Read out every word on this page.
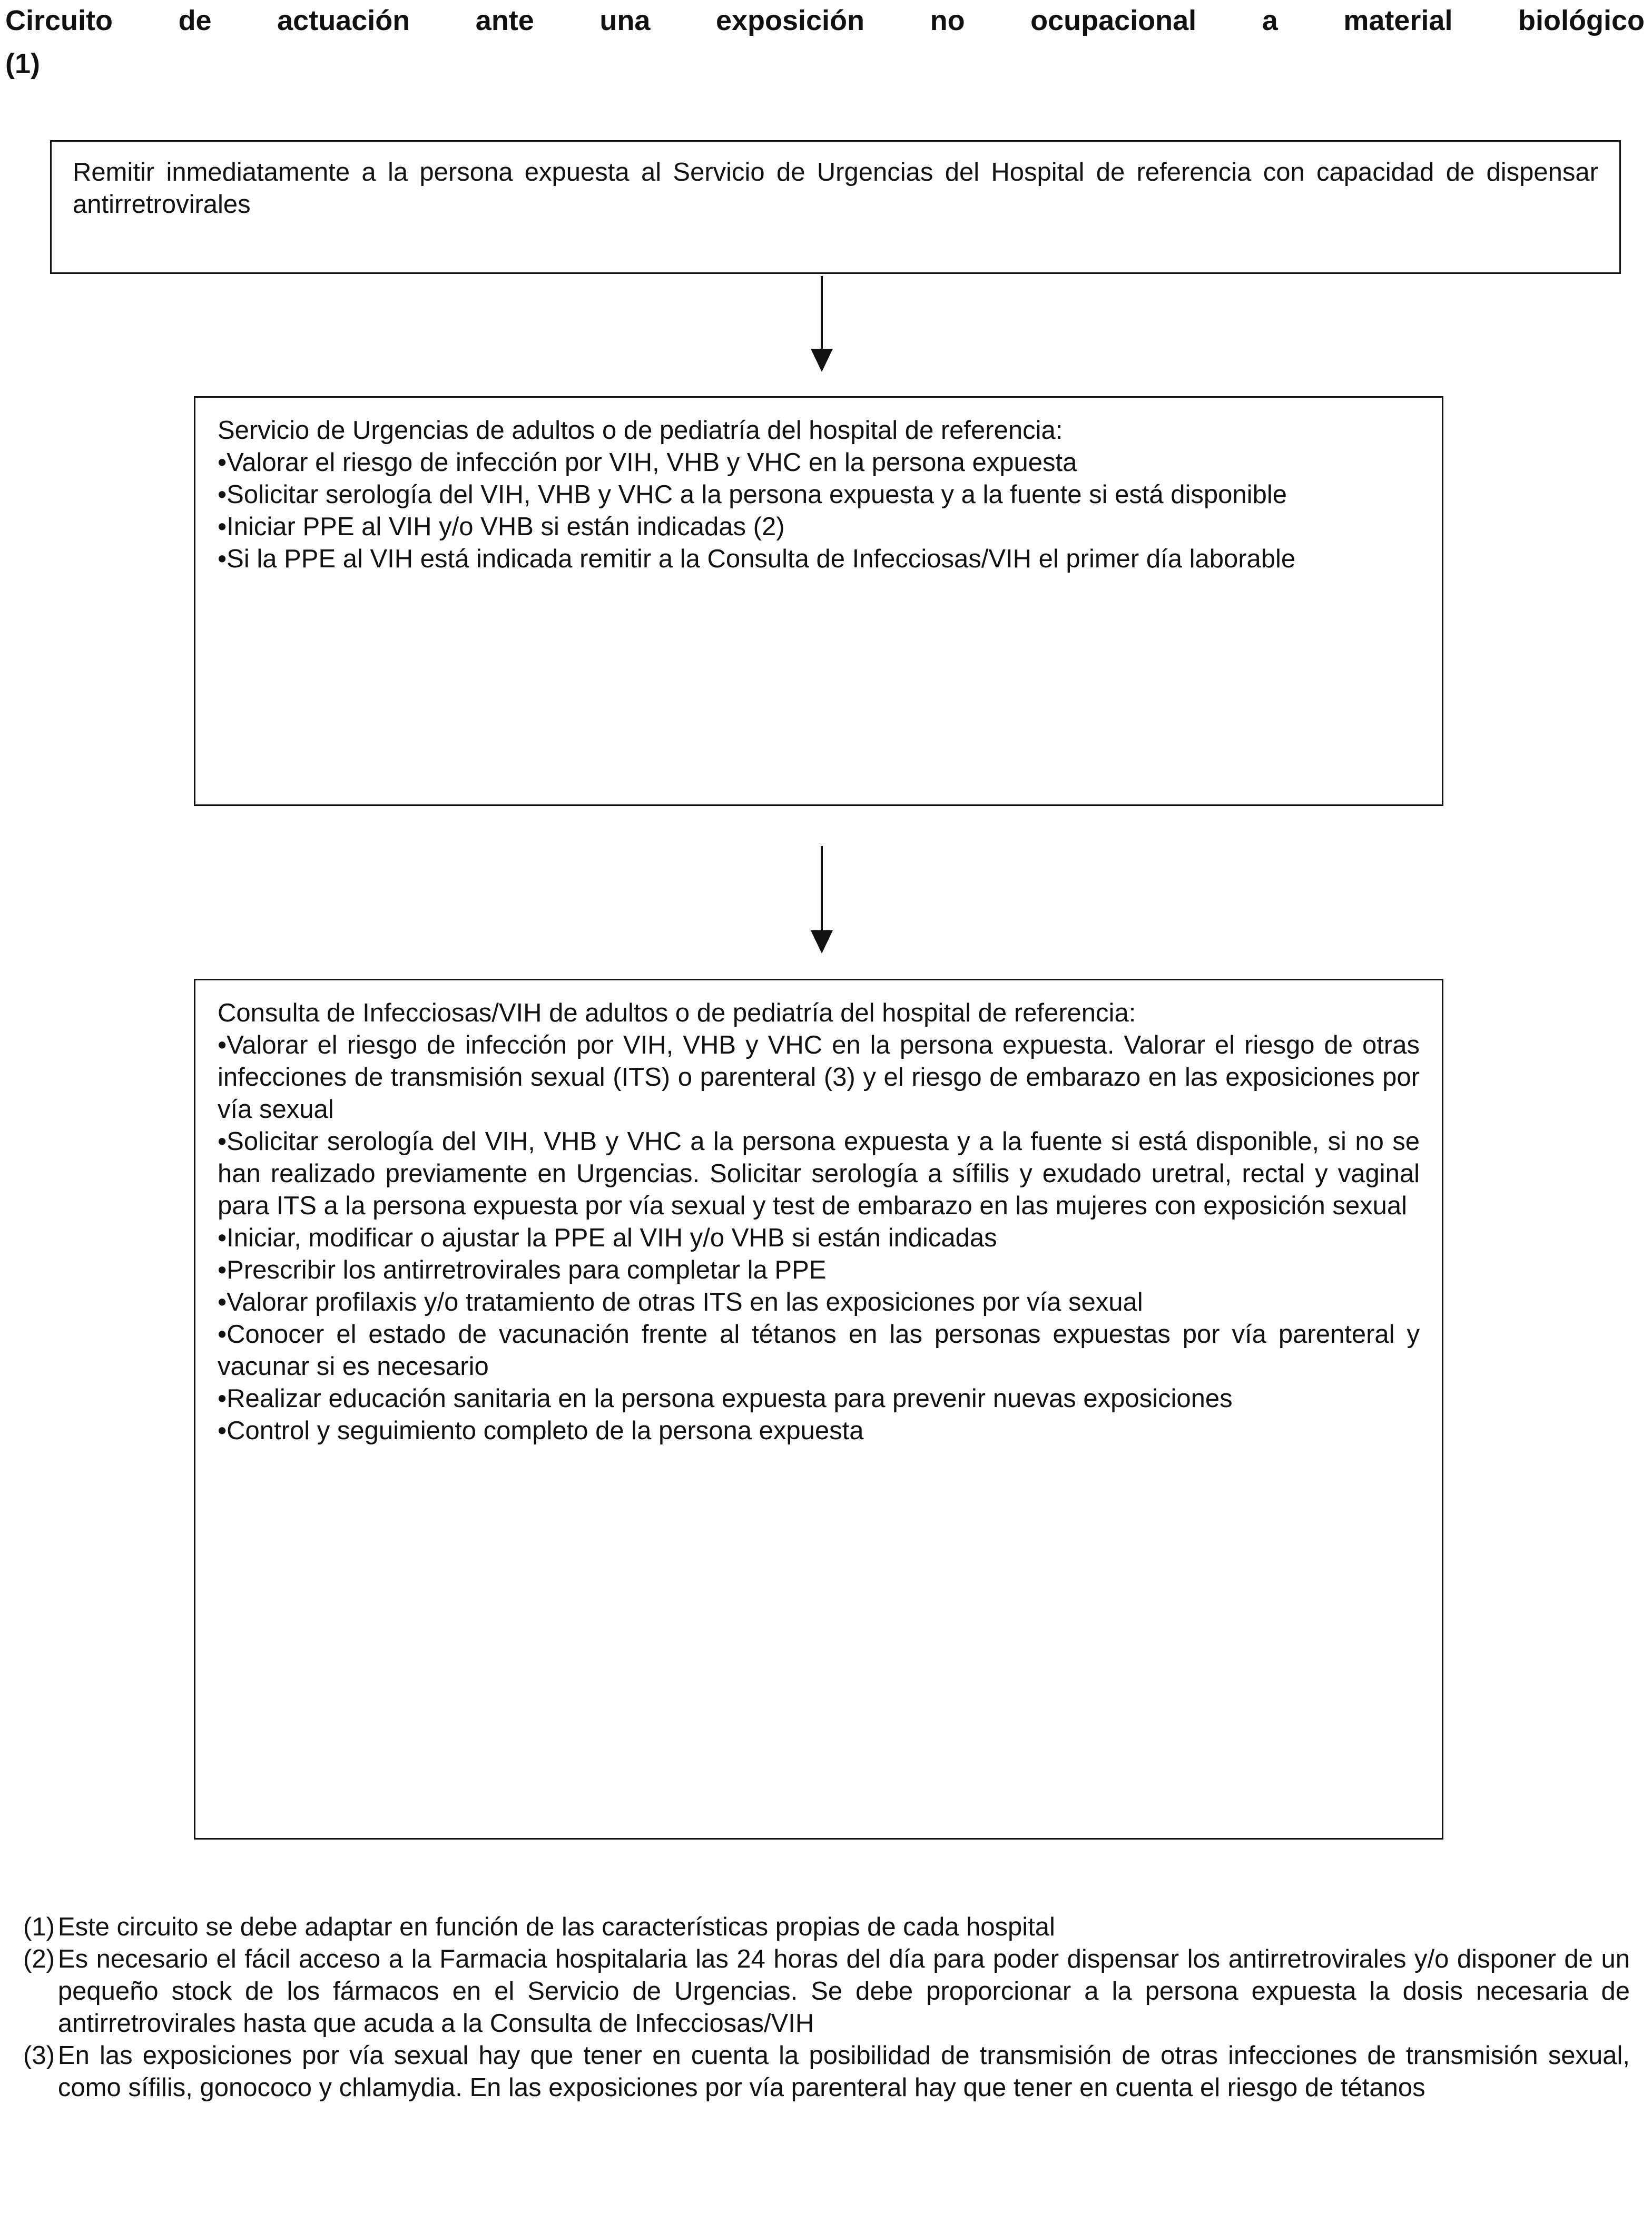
Circuito de actuación ante una exposición no ocupacional a material biológico
(1)

Remitir inmediatamente a la persona expuesta al Servicio de Urgencias del Hospital de referencia con capacidad de dispensar antirretrovirales

Servicio de Urgencias de adultos o de pediatría del hospital de referencia:

• Valorar el riesgo de infección por VIH, VHB y VHC en la persona expuesta

• Solicitar serología del VIH, VHB y VHC a la persona expuesta y a la fuente si está disponible

• Iniciar PPE al VIH y/o VHB si están indicadas (2)

• Si la PPE al VIH está indicada remitir a la Consulta de Infecciosas/VIH el primer día laborable

Consulta de Infecciosas/VIH de adultos o de pediatría del hospital de referencia:

• Valorar el riesgo de infección por VIH, VHB y VHC en la persona expuesta. Valorar el riesgo de otras infecciones de transmisión sexual (ITS) o parenteral (3) y el riesgo de embarazo en las exposiciones por vía sexual

• Solicitar serología del VIH, VHB y VHC a la persona expuesta y a la fuente si está disponible, si no se han realizado previamente en Urgencias. Solicitar serología a sífilis y exudado uretral, rectal y vaginal para ITS a la persona expuesta por vía sexual y test de embarazo en las mujeres con exposición sexual

• Iniciar, modificar o ajustar la PPE al VIH y/o VHB si están indicadas

• Prescribir los antirretrovirales para completar la PPE

• Valorar profilaxis y/o tratamiento de otras ITS en las exposiciones por vía sexual

• Conocer el estado de vacunación frente al tétanos en las personas expuestas por vía parenteral y vacunar si es necesario

• Realizar educación sanitaria en la persona expuesta para prevenir nuevas exposiciones

• Control y seguimiento completo de la persona expuesta

(1) Este circuito se debe adaptar en función de las características propias de cada hospital
(2) Es necesario el fácil acceso a la Farmacia hospitalaria las 24 horas del día para poder dispensar los antirretrovirales y/o disponer de un pequeño stock de los fármacos en el Servicio de Urgencias. Se debe proporcionar a la persona expuesta la dosis necesaria de antirretrovirales hasta que acuda a la Consulta de Infecciosas/VIH
(3) En las exposiciones por vía sexual hay que tener en cuenta la posibilidad de transmisión de otras infecciones de transmisión sexual, como sífilis, gonococo y chlamydia. En las exposiciones por vía parenteral hay que tener en cuenta el riesgo de tétanos
